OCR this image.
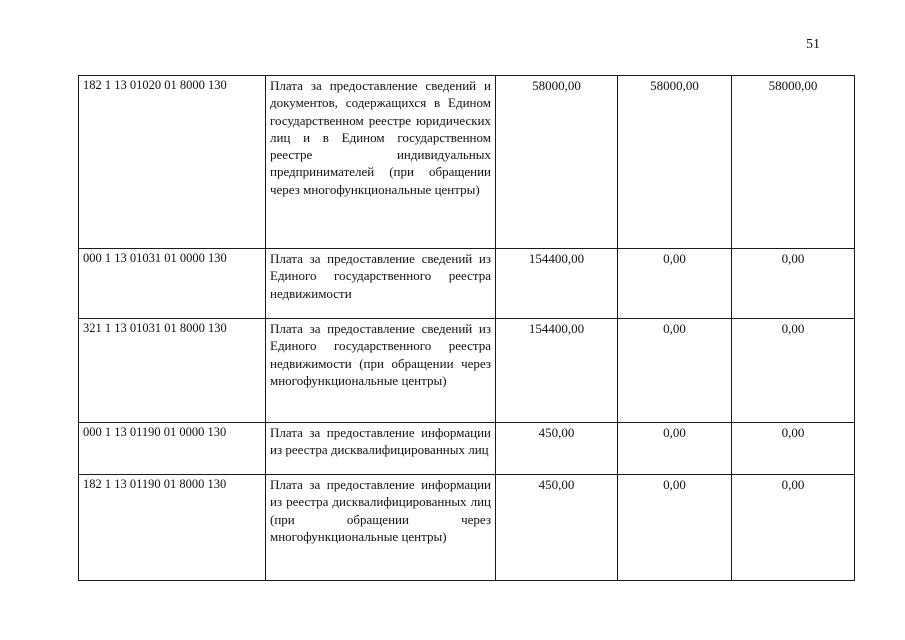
51
182 1 13 01020 01 8000 130	Плата за предоставление сведений и документов, содержащихся в Едином государственном реестре юридических лиц и в Едином государственном реестре индивидуальных предпринимателей (при обращении через многофункциональные центры)	58000,00	58000,00	58000,00
000 1 13 01031 01 0000 130	Плата за предоставление сведений из Единого государственного реестра недвижимости	154400,00	0,00	0,00
321 1 13 01031 01 8000 130	Плата за предоставление сведений из Единого государственного реестра недвижимости (при обращении через многофункциональные центры)	154400,00	0,00	0,00
000 1 13 01190 01 0000 130	Плата за предоставление информации из реестра дисквалифицированных лиц	450,00	0,00	0,00
182 1 13 01190 01 8000 130	Плата за предоставление информации из реестра дисквалифицированных лиц (при обращении через многофункциональные центры)	450,00	0,00	0,00
